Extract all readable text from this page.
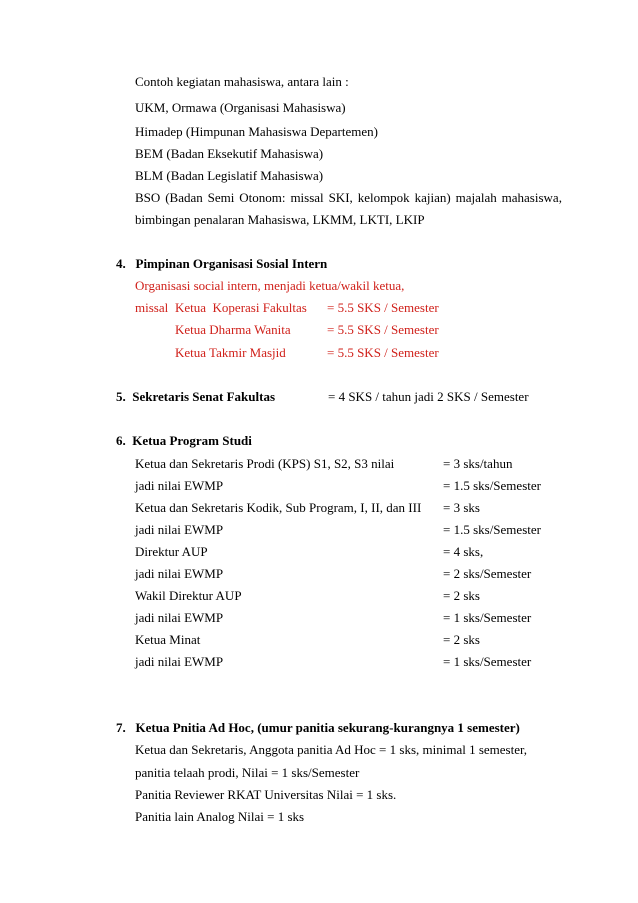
Contoh kegiatan mahasiswa, antara lain :
UKM, Ormawa (Organisasi Mahasiswa)
Himadep (Himpunan Mahasiswa Departemen)
BEM (Badan Eksekutif Mahasiswa)
BLM (Badan Legislatif Mahasiswa)
BSO (Badan Semi Otonom: missal SKI, kelompok kajian) majalah mahasiswa,
bimbingan penalaran Mahasiswa, LKMM, LKTI, LKIP
4.   Pimpinan Organisasi Sosial Intern
Organisasi social intern, menjadi ketua/wakil ketua,
missal Ketua  Koperasi Fakultas = 5.5 SKS / Semester
Ketua Dharma Wanita	= 5.5 SKS / Semester
Ketua Takmir Masjid	= 5.5 SKS / Semester
5.  Sekretaris Senat Fakultas	= 4 SKS / tahun jadi 2 SKS / Semester
6.  Ketua Program Studi
Ketua dan Sekretaris Prodi (KPS) S1, S2, S3 nilai	= 3 sks/tahun
jadi nilai EWMP	= 1.5 sks/Semester
Ketua dan Sekretaris Kodik, Sub Program, I, II, dan III = 3 sks
jadi nilai EWMP	= 1.5 sks/Semester
Direktur AUP	= 4 sks,
jadi nilai EWMP	= 2 sks/Semester
Wakil Direktur AUP	= 2 sks
jadi nilai EWMP	= 1 sks/Semester
Ketua Minat	= 2 sks
jadi nilai EWMP	= 1 sks/Semester
7.   Ketua Pnitia Ad Hoc, (umur panitia sekurang-kurangnya 1 semester)
Ketua dan Sekretaris, Anggota panitia Ad Hoc = 1 sks, minimal 1 semester,
panitia telaah prodi, Nilai = 1 sks/Semester
Panitia Reviewer RKAT Universitas Nilai = 1 sks.
Panitia lain Analog Nilai = 1 sks
